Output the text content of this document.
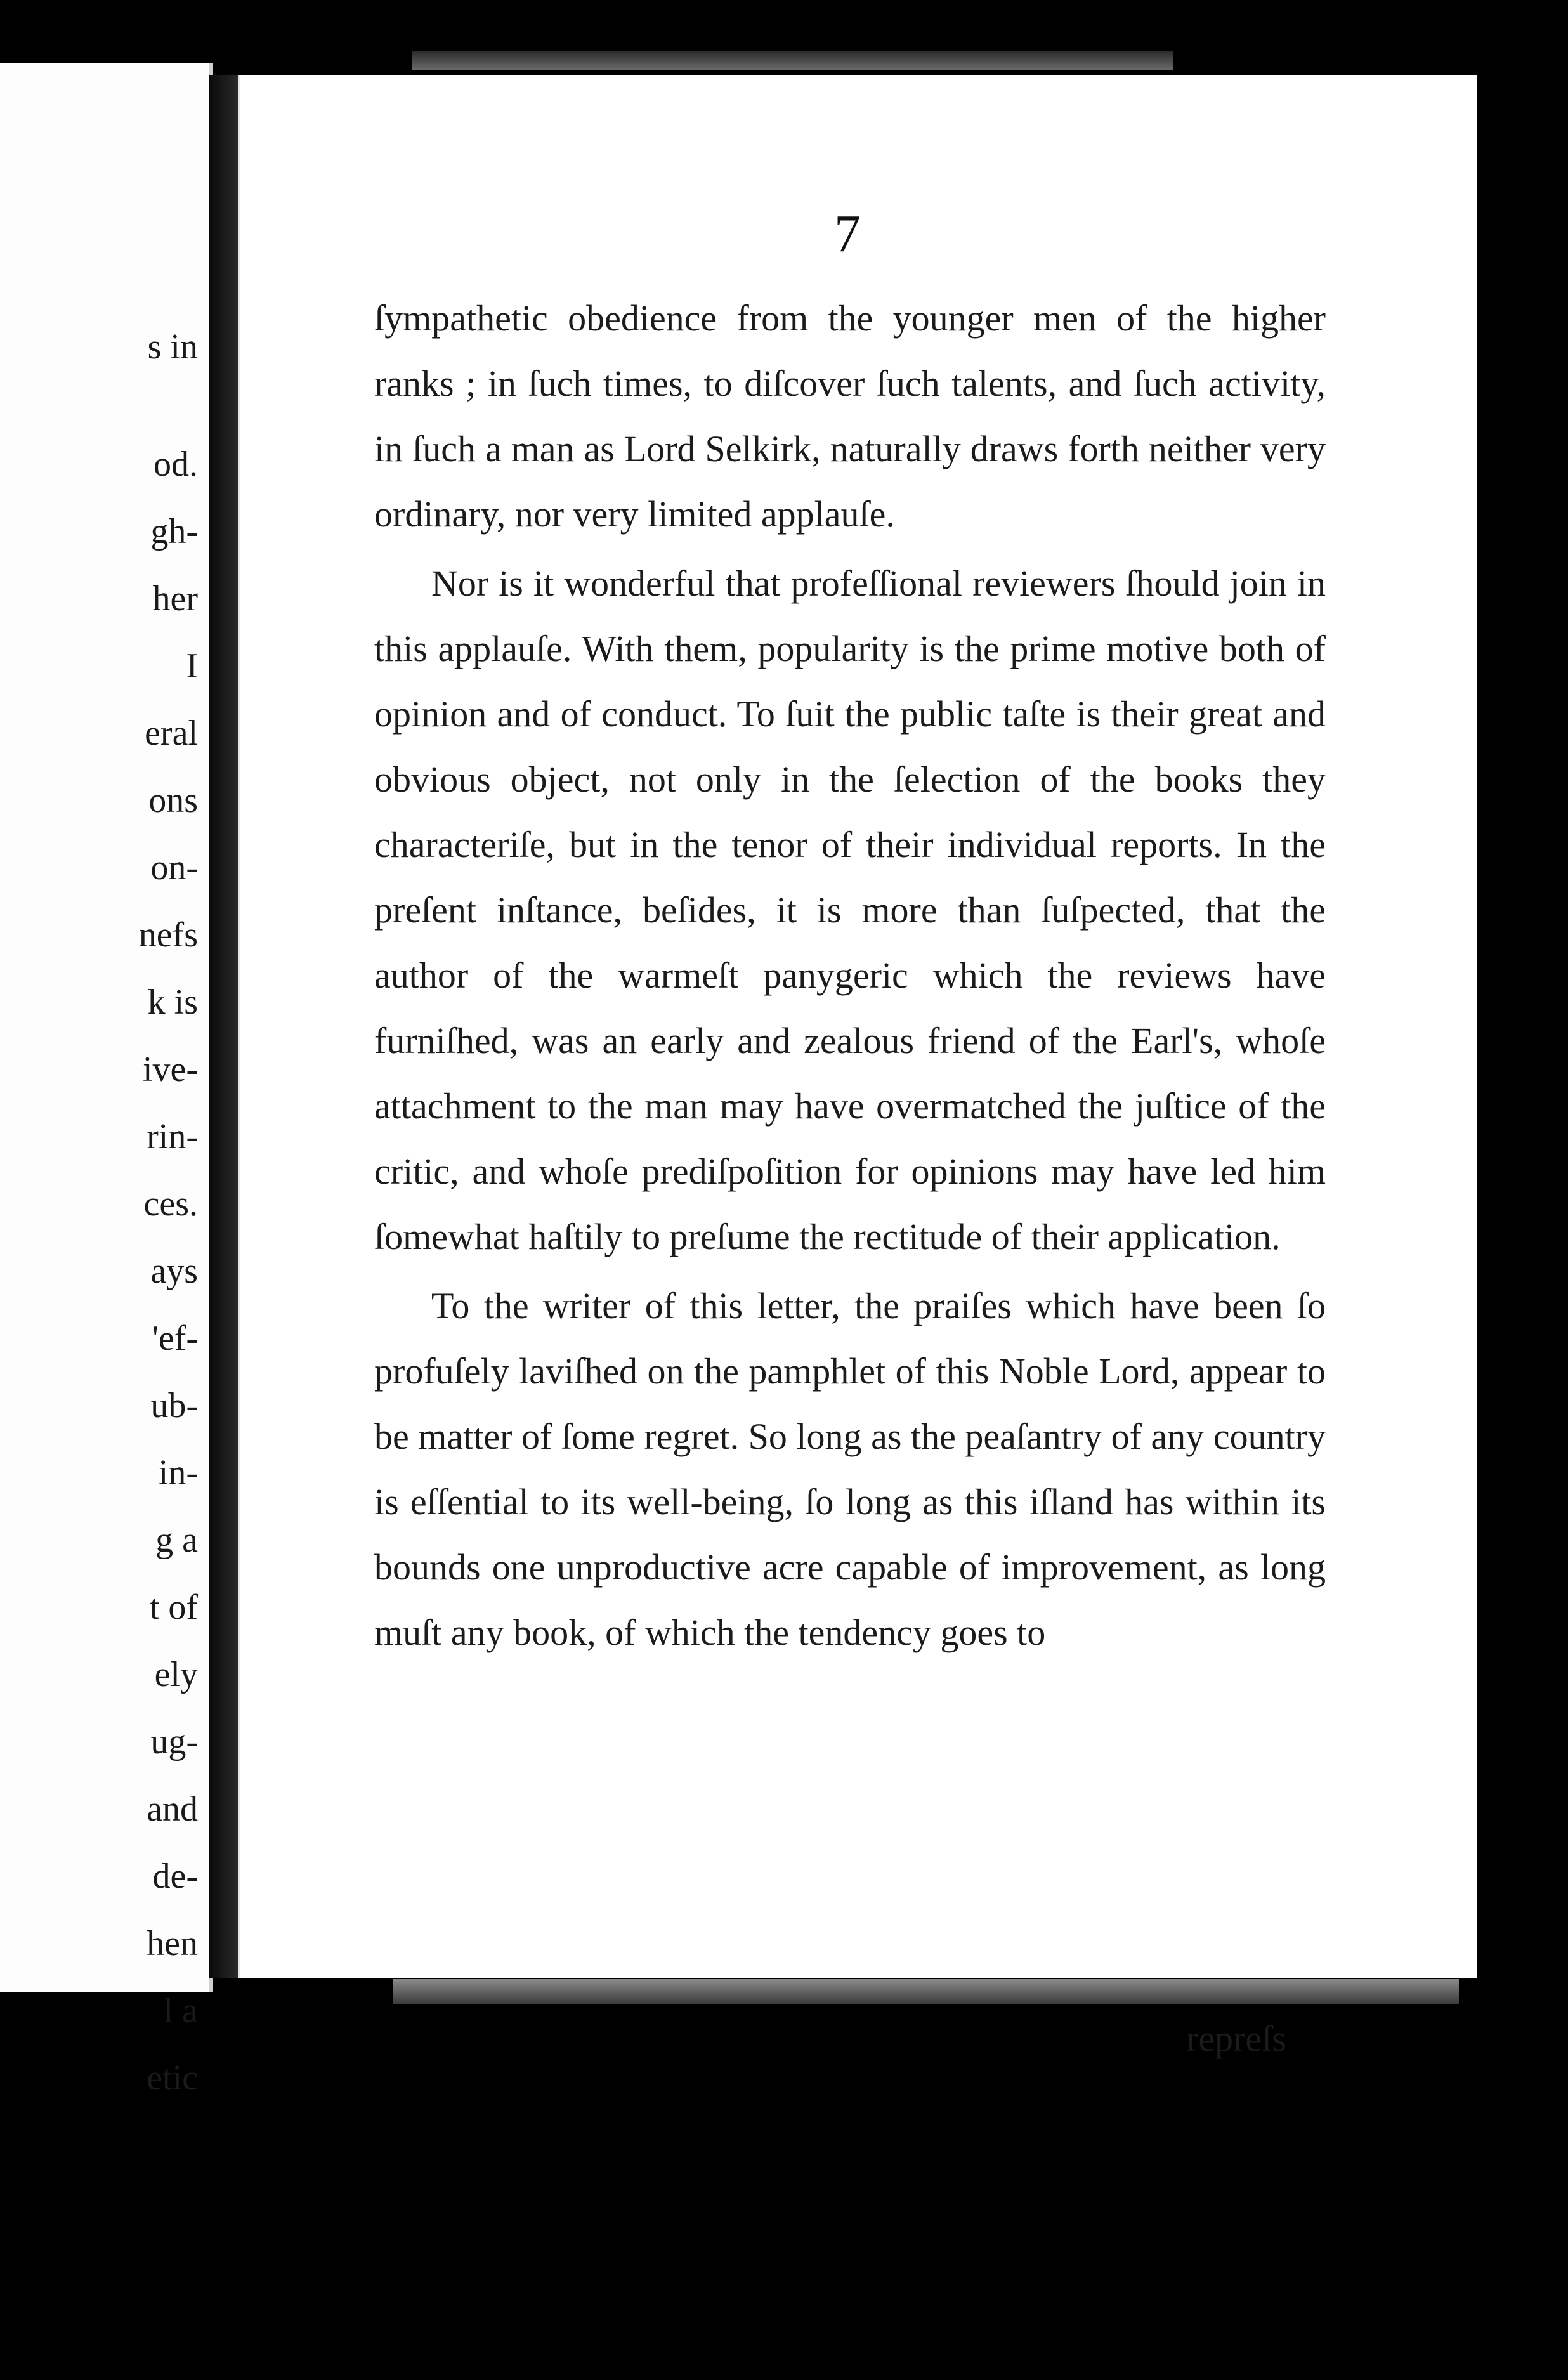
s in
od.
gh-
her
I
eral
ons
on-
nefs
k is
ive-
rin-
ces.
ays
'ef-
ub-
in-
g a
t of
ely
ug-
and
de-
hen
l a
etic
7

ſympathetic obedience from the younger men of the higher ranks ; in ſuch times, to diſcover ſuch talents, and ſuch activity, in ſuch a man as Lord Selkirk, naturally draws forth neither very ordinary, nor very limited applauſe.

Nor is it wonderful that profeſſional reviewers ſhould join in this applauſe. With them, popularity is the prime motive both of opinion and of conduct. To ſuit the public taſte is their great and obvious object, not only in the ſelection of the books they characteriſe, but in the tenor of their individual reports. In the preſent inſtance, beſides, it is more than ſuſpected, that the author of the warmeſt panygeric which the reviews have furniſhed, was an early and zealous friend of the Earl's, whoſe attachment to the man may have overmatched the juſtice of the critic, and whoſe prediſpoſition for opinions may have led him ſomewhat haſtily to preſume the rectitude of their application.

To the writer of this letter, the praiſes which have been ſo profuſely laviſhed on the pamphlet of this Noble Lord, appear to be matter of ſome regret. So long as the peaſantry of any country is eſſential to its well-being, ſo long as this iſland has within its bounds one unproductive acre capable of improvement, as long muſt any book, of which the tendency goes to

repreſs
